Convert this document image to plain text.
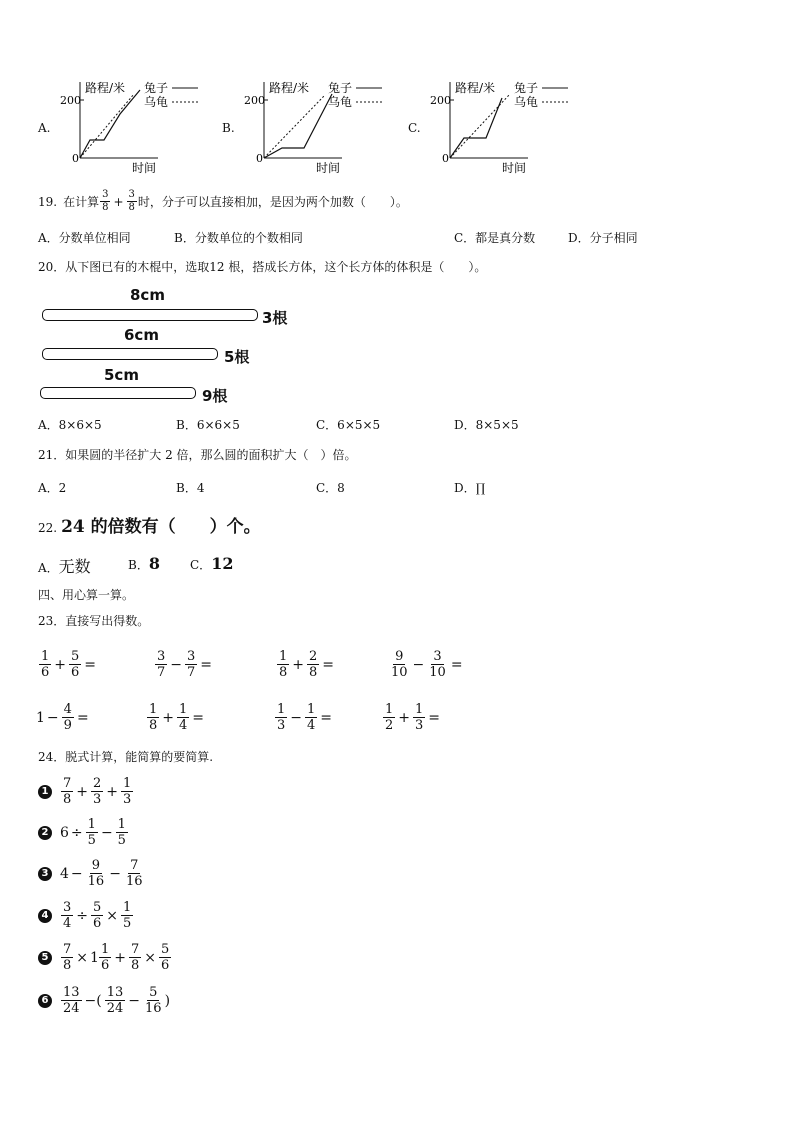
A.
路程/米 兔子
乌龟
200
0
时间
B.
路程/米 兔子
乌龟
200
0
时间
C.
路程/米 兔子
乌龟
200
0
时间
19. 在计算 $\frac{3}{8} + \frac{3}{8}$ 时，分子可以直接相加，是因为两个加数（　　）。
A．分数单位相同	B．分数单位的个数相同	C．都是真分数	D．分子相同
20．从下图已有的木棍中，选取12 根，搭成长方体，这个长方体的体积是（　　）。
8cm
3根
6cm
5根
5cm
9根
A．8×6×5	B．6×6×5	C．6×5×5	D．8×5×5
21．如果圆的半径扩大 2 倍，那么圆的面积扩大（　）倍。
A．2	B．4	C．8	D．∏
22. 24 的倍数有（　　）个。
A．无数	B．8	C．12
四、用心算一算。
23．直接写出得数。
$\frac{1}{6} + \frac{5}{6}$ =	$\frac{3}{7} - \frac{3}{7}$ =	$\frac{1}{8} + \frac{2}{8}$ =	$\frac{9}{10} - \frac{3}{10}$ =
$1 - \frac{4}{9}$ =	$\frac{1}{8} + \frac{1}{4}$ =	$\frac{1}{3} - \frac{1}{4}$ =	$\frac{1}{2} + \frac{1}{3}$ =
24．脱式计算，能简算的要简算.
$1 \frac{7}{8} + \frac{2}{3} + \frac{1}{3}$
2 $6 \div \frac{1}{5} - \frac{1}{5}$
3 $4 - \frac{9}{16} - \frac{7}{16}$
$4 \frac{3}{4} \div \frac{5}{6} \times \frac{1}{5}$
$5 \frac{7}{8} \times 1 \frac{1}{6} + \frac{7}{8} \times \frac{5}{6}$
$6 \frac{13}{24}$ −( $\frac{13}{24} - \frac{5}{16}$ )
